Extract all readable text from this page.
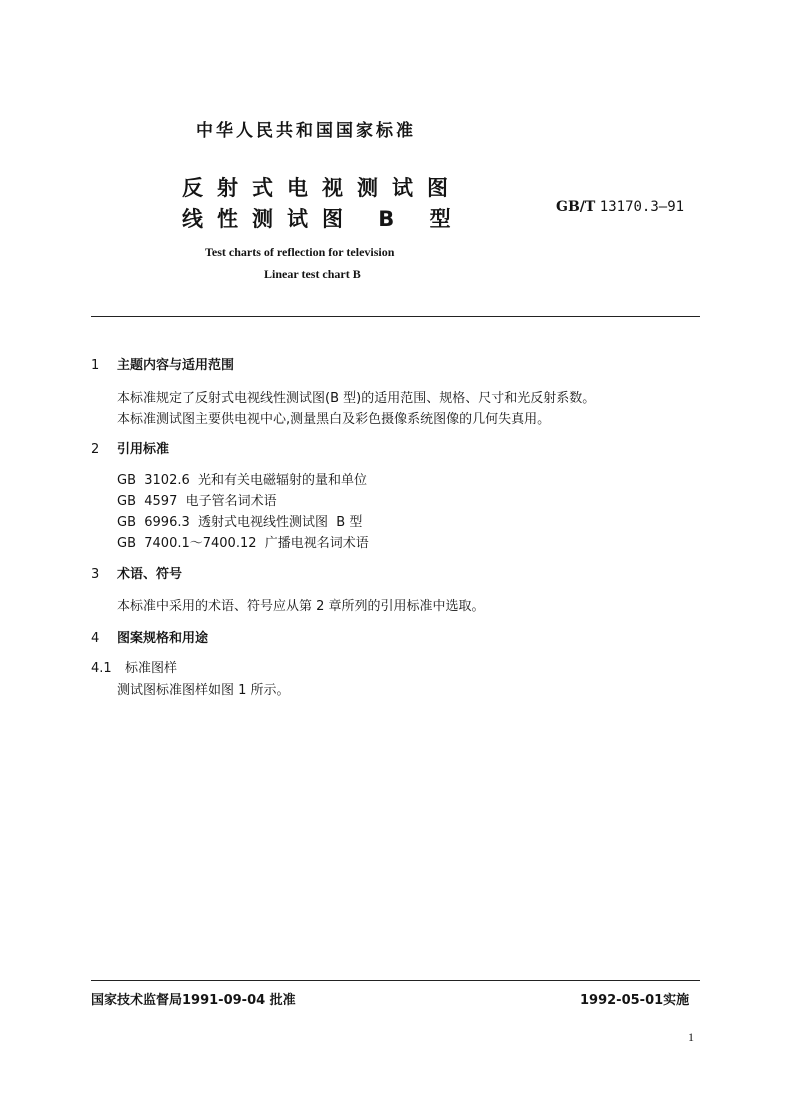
中华人民共和国国家标准
反射式电视测试图
线性测试图 B 型	GB/T 13170.3—91
Test charts of reflection for television
Linear test chart B
1 主题内容与适用范围
本标准规定了反射式电视线性测试图(B 型)的适用范围、规格、尺寸和光反射系数。
本标准测试图主要供电视中心,测量黑白及彩色摄像系统图像的几何失真用。
2 引用标准
GB  3102.6 光和有关电磁辐射的量和单位
GB  4597 电子管名词术语
GB  6996.3 透射式电视线性测试图  B 型
GB  7400.1～7400.12 广播电视名词术语
3 术语、符号
本标准中采用的术语、符号应从第 2 章所列的引用标准中选取。
4 图案规格和用途
4.1 标准图样
测试图标准图样如图 1 所示。
国家技术监督局1991-09-04 批准	1992-05-01实施
1
